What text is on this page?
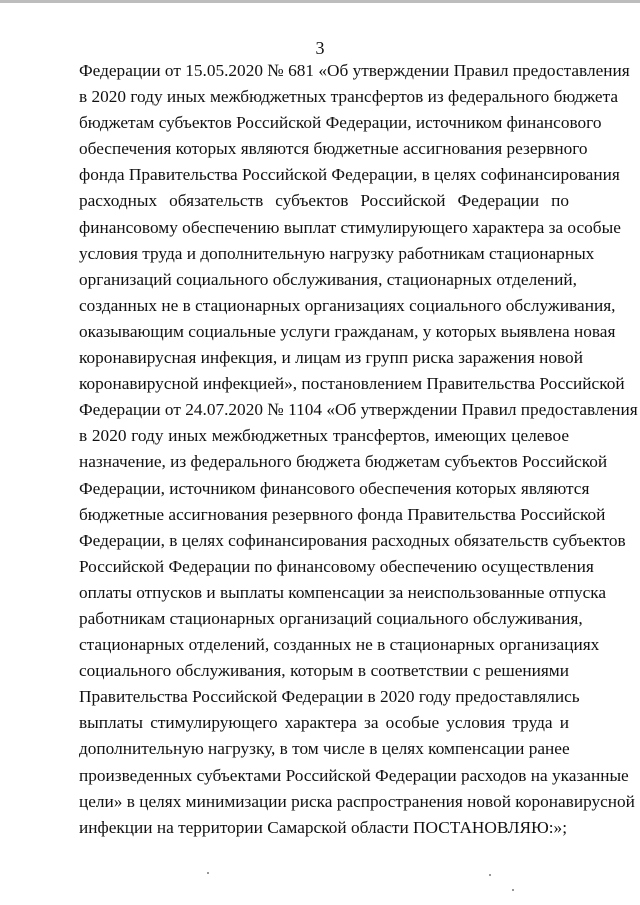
3
Федерации от 15.05.2020 № 681 «Об утверждении Правил предоставления
в 2020 году иных межбюджетных трансфертов из федерального бюджета
бюджетам субъектов Российской Федерации, источником финансового
обеспечения которых являются бюджетные ассигнования резервного
фонда Правительства Российской Федерации, в целях софинансирования
расходных обязательств субъектов Российской Федерации по
финансовому обеспечению выплат стимулирующего характера за особые
условия труда и дополнительную нагрузку работникам стационарных
организаций социального обслуживания, стационарных отделений,
созданных не в стационарных организациях социального обслуживания,
оказывающим социальные услуги гражданам, у которых выявлена новая
коронавирусная инфекция, и лицам из групп риска заражения новой
коронавирусной инфекцией», постановлением Правительства Российской
Федерации от 24.07.2020 № 1104 «Об утверждении Правил предоставления
в 2020 году иных межбюджетных трансфертов, имеющих целевое
назначение, из федерального бюджета бюджетам субъектов Российской
Федерации, источником финансового обеспечения которых являются
бюджетные ассигнования резервного фонда Правительства Российской
Федерации, в целях софинансирования расходных обязательств субъектов
Российской Федерации по финансовому обеспечению осуществления
оплаты отпусков и выплаты компенсации за неиспользованные отпуска
работникам стационарных организаций социального обслуживания,
стационарных отделений, созданных не в стационарных организациях
социального обслуживания, которым в соответствии с решениями
Правительства Российской Федерации в 2020 году предоставлялись
выплаты стимулирующего характера за особые условия труда и
дополнительную нагрузку, в том числе в целях компенсации ранее
произведенных субъектами Российской Федерации расходов на указанные
цели» в целях минимизации риска распространения новой коронавирусной
инфекции на территории Самарской области ПОСТАНОВЛЯЮ:»;
